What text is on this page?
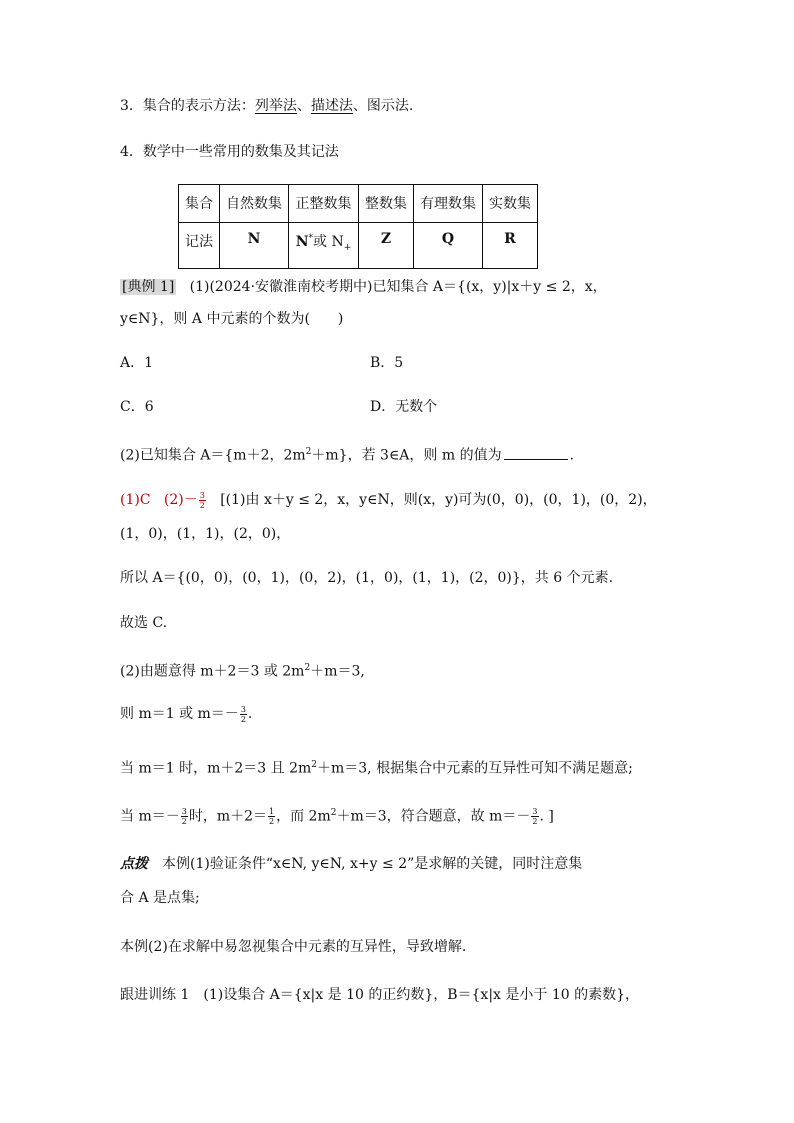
3．集合的表示方法：列举法、描述法、图示法.
4．数学中一些常用的数集及其记法
集合	自然数集	正整数集	整数集	有理数集	实数集
记法	N	N*或 $N_+$	Z	Q	R
[典例 1] (1)(2024·安徽淮南校考期中)已知集合 A＝{(x，y)|x＋y ≤ 2，x，
y∈N}，则 A 中元素的个数为(　　)
A．1	B．5
C．6	D．无数个
(2)已知集合 A＝{m＋2，$2m^2+m$}，若 3∈A，则 m 的值为	.
(1)C $(2)- \frac{3}{2} [(1)$由 x＋y ≤ 2，x，y∈N，则(x，y)可为(0，0)，(0，1)，(0，2)，
(1，0)，(1，1)，(2，0)，
所以 A＝{(0，0)，(0，1)，(0，2)，(1，0)，(1，1)，(2，0)}，共 6 个元素.
故选 C.
(2)由题意得 m＋2＝3 或 $2m^2+m=3$,
则 m＝1 或 $m=- \frac{3}{2}$ .
当 m＝1 时，m＋2＝3 且 $2m^2+m=3$, 根据集合中元素的互异性可知不满足题意;
当 $m=- \frac{3}{2}$ 时，$m+2= \frac{1}{2}$ ，而 $2m^2+m=3$，符合题意，故 $m=- \frac{3}{2}$ . ]
点拨　本例(1)验证条件“x∈N, y∈N, x+y ≤ 2”是求解的关键，同时注意集
合 A 是点集;
本例(2)在求解中易忽视集合中元素的互异性，导致增解.
跟进训练 1　(1)设集合 A＝{x|x 是 10 的正约数}，B＝{x|x 是小于 10 的素数}，
